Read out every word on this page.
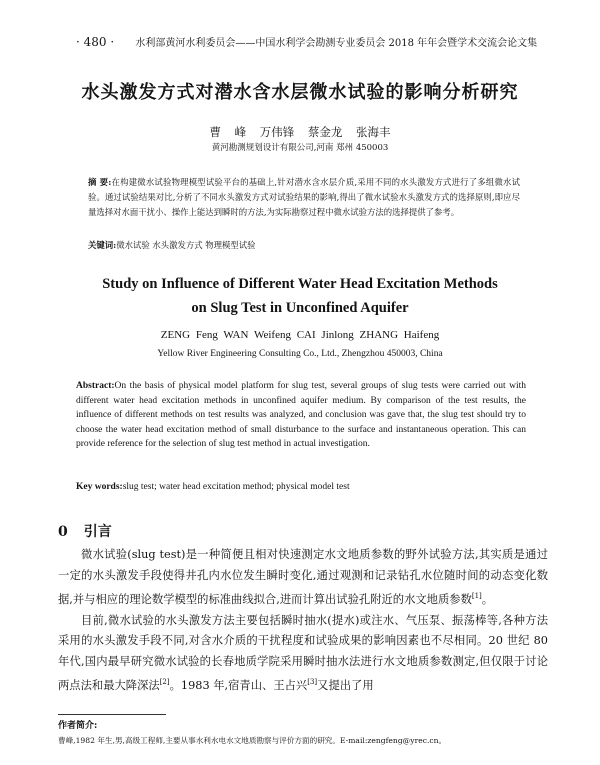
· 480 · 水利部黄河水利委员会——中国水利学会勘测专业委员会 2018 年年会暨学术交流会论文集
水头激发方式对潜水含水层微水试验的影响分析研究
曹 峰 万伟锋 蔡金龙 张海丰
黄河勘测规划设计有限公司,河南 郑州 450003
摘 要:在构建微水试验物理模型试验平台的基础上,针对潜水含水层介质,采用不同的水头激发方式进行了多组微水试验。通过试验结果对比,分析了不同水头激发方式对试验结果的影响,得出了微水试验水头激发方式的选择原则,即应尽量选择对水面干扰小、操作上能达到瞬时的方法,为实际勘察过程中微水试验方法的选择提供了参考。
关键词:微水试验 水头激发方式 物理模型试验
Study on Influence of Different Water Head Excitation Methods
on Slug Test in Unconfined Aquifer
ZENG Feng WAN Weifeng CAI Jinlong ZHANG Haifeng
Yellow River Engineering Consulting Co., Ltd., Zhengzhou 450003, China
Abstract:On the basis of physical model platform for slug test, several groups of slug tests were carried out with different water head excitation methods in unconfined aquifer medium. By comparison of the test results, the influence of different methods on test results was analyzed, and conclusion was gave that, the slug test should try to choose the water head excitation method of small disturbance to the surface and instantaneous operation. This can provide reference for the selection of slug test method in actual investigation.
Key words:slug test; water head excitation method; physical model test
0 引言

微水试验(slug test)是一种简便且相对快速测定水文地质参数的野外试验方法,其实质是通过一定的水头激发手段使得井孔内水位发生瞬时变化,通过观测和记录钻孔水位随时间的动态变化数据,并与相应的理论数学模型的标准曲线拟合,进而计算出试验孔附近的水文地质参数[1]。

目前,微水试验的水头激发方法主要包括瞬时抽水(提水)或注水、气压泵、振荡棒等,各种方法采用的水头激发手段不同,对含水介质的干扰程度和试验成果的影响因素也不尽相同。20 世纪 80 年代,国内最早研究微水试验的长春地质学院采用瞬时抽水法进行水文地质参数测定,但仅限于讨论两点法和最大降深法[2]。1983 年,宿青山、王占兴[3]又提出了用

作者简介:
曹峰,1982 年生,男,高级工程师,主要从事水利水电水文地质勘察与评价方面的研究。E-mail:zengfeng@yrec.cn。
